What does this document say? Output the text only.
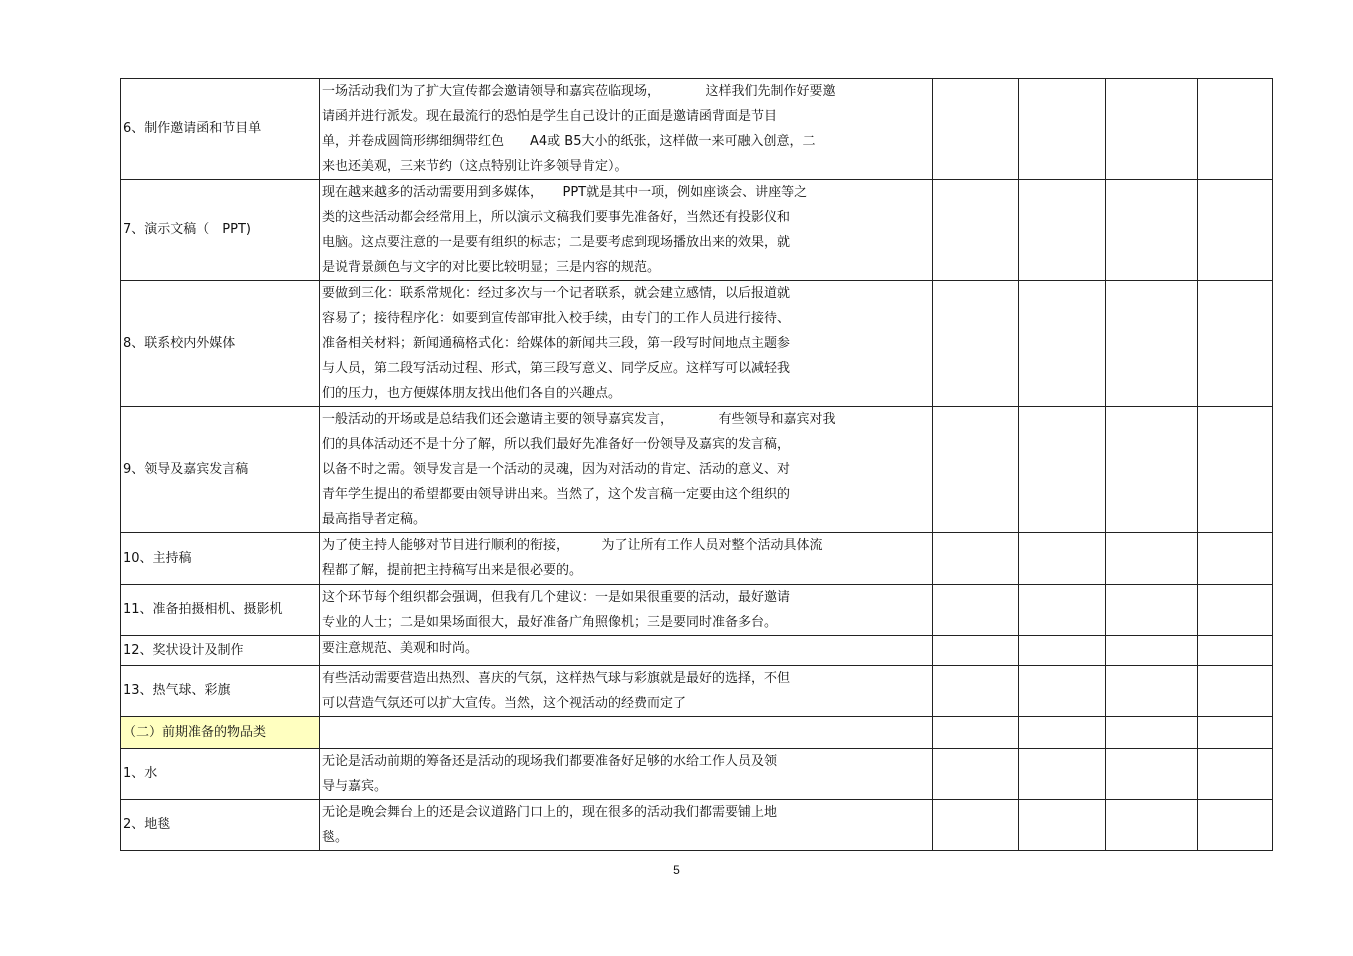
6、制作邀请函和节目单	一场活动我们为了扩大宣传都会邀请领导和嘉宾莅临现场，　　　　这样我们先制作好要邀
请函并进行派发。现在最流行的恐怕是学生自己设计的正面是邀请函背面是节目
单，并卷成圆筒形绑细绸带红色　　A4或 B5大小的纸张，这样做一来可融入创意，二
来也还美观，三来节约（这点特别让许多领导肯定）。				
7、演示文稿（　PPT)	现在越来越多的活动需要用到多媒体，　　PPT就是其中一项，例如座谈会、讲座等之
类的这些活动都会经常用上，所以演示文稿我们要事先准备好，当然还有投影仪和
电脑。这点要注意的一是要有组织的标志；二是要考虑到现场播放出来的效果，就
是说背景颜色与文字的对比要比较明显；三是内容的规范。				
8、联系校内外媒体	要做到三化：联系常规化：经过多次与一个记者联系，就会建立感情，以后报道就
容易了；接待程序化：如要到宣传部审批入校手续，由专门的工作人员进行接待、
准备相关材料；新闻通稿格式化：给媒体的新闻共三段，第一段写时间地点主题参
与人员，第二段写活动过程、形式，第三段写意义、同学反应。这样写可以减轻我
们的压力，也方便媒体朋友找出他们各自的兴趣点。				
9、领导及嘉宾发言稿	一般活动的开场或是总结我们还会邀请主要的领导嘉宾发言，　　　　有些领导和嘉宾对我
们的具体活动还不是十分了解，所以我们最好先准备好一份领导及嘉宾的发言稿，
以备不时之需。领导发言是一个活动的灵魂，因为对活动的肯定、活动的意义、对
青年学生提出的希望都要由领导讲出来。当然了，这个发言稿一定要由这个组织的
最高指导者定稿。				
10、主持稿	为了使主持人能够对节目进行顺利的衔接，　　　为了让所有工作人员对整个活动具体流
程都了解，提前把主持稿写出来是很必要的。				
11、准备拍摄相机、摄影机	这个环节每个组织都会强调，但我有几个建议：一是如果很重要的活动，最好邀请
专业的人士；二是如果场面很大，最好准备广角照像机；三是要同时准备多台。				
12、奖状设计及制作	要注意规范、美观和时尚。				
13、热气球、彩旗	有些活动需要营造出热烈、喜庆的气氛，这样热气球与彩旗就是最好的选择，不但
可以营造气氛还可以扩大宣传。当然，这个视活动的经费而定了				
（二）前期准备的物品类					
1、水	无论是活动前期的筹备还是活动的现场我们都要准备好足够的水给工作人员及领
导与嘉宾。				
2、地毯	无论是晚会舞台上的还是会议道路门口上的，现在很多的活动我们都需要铺上地
毯。				
5
